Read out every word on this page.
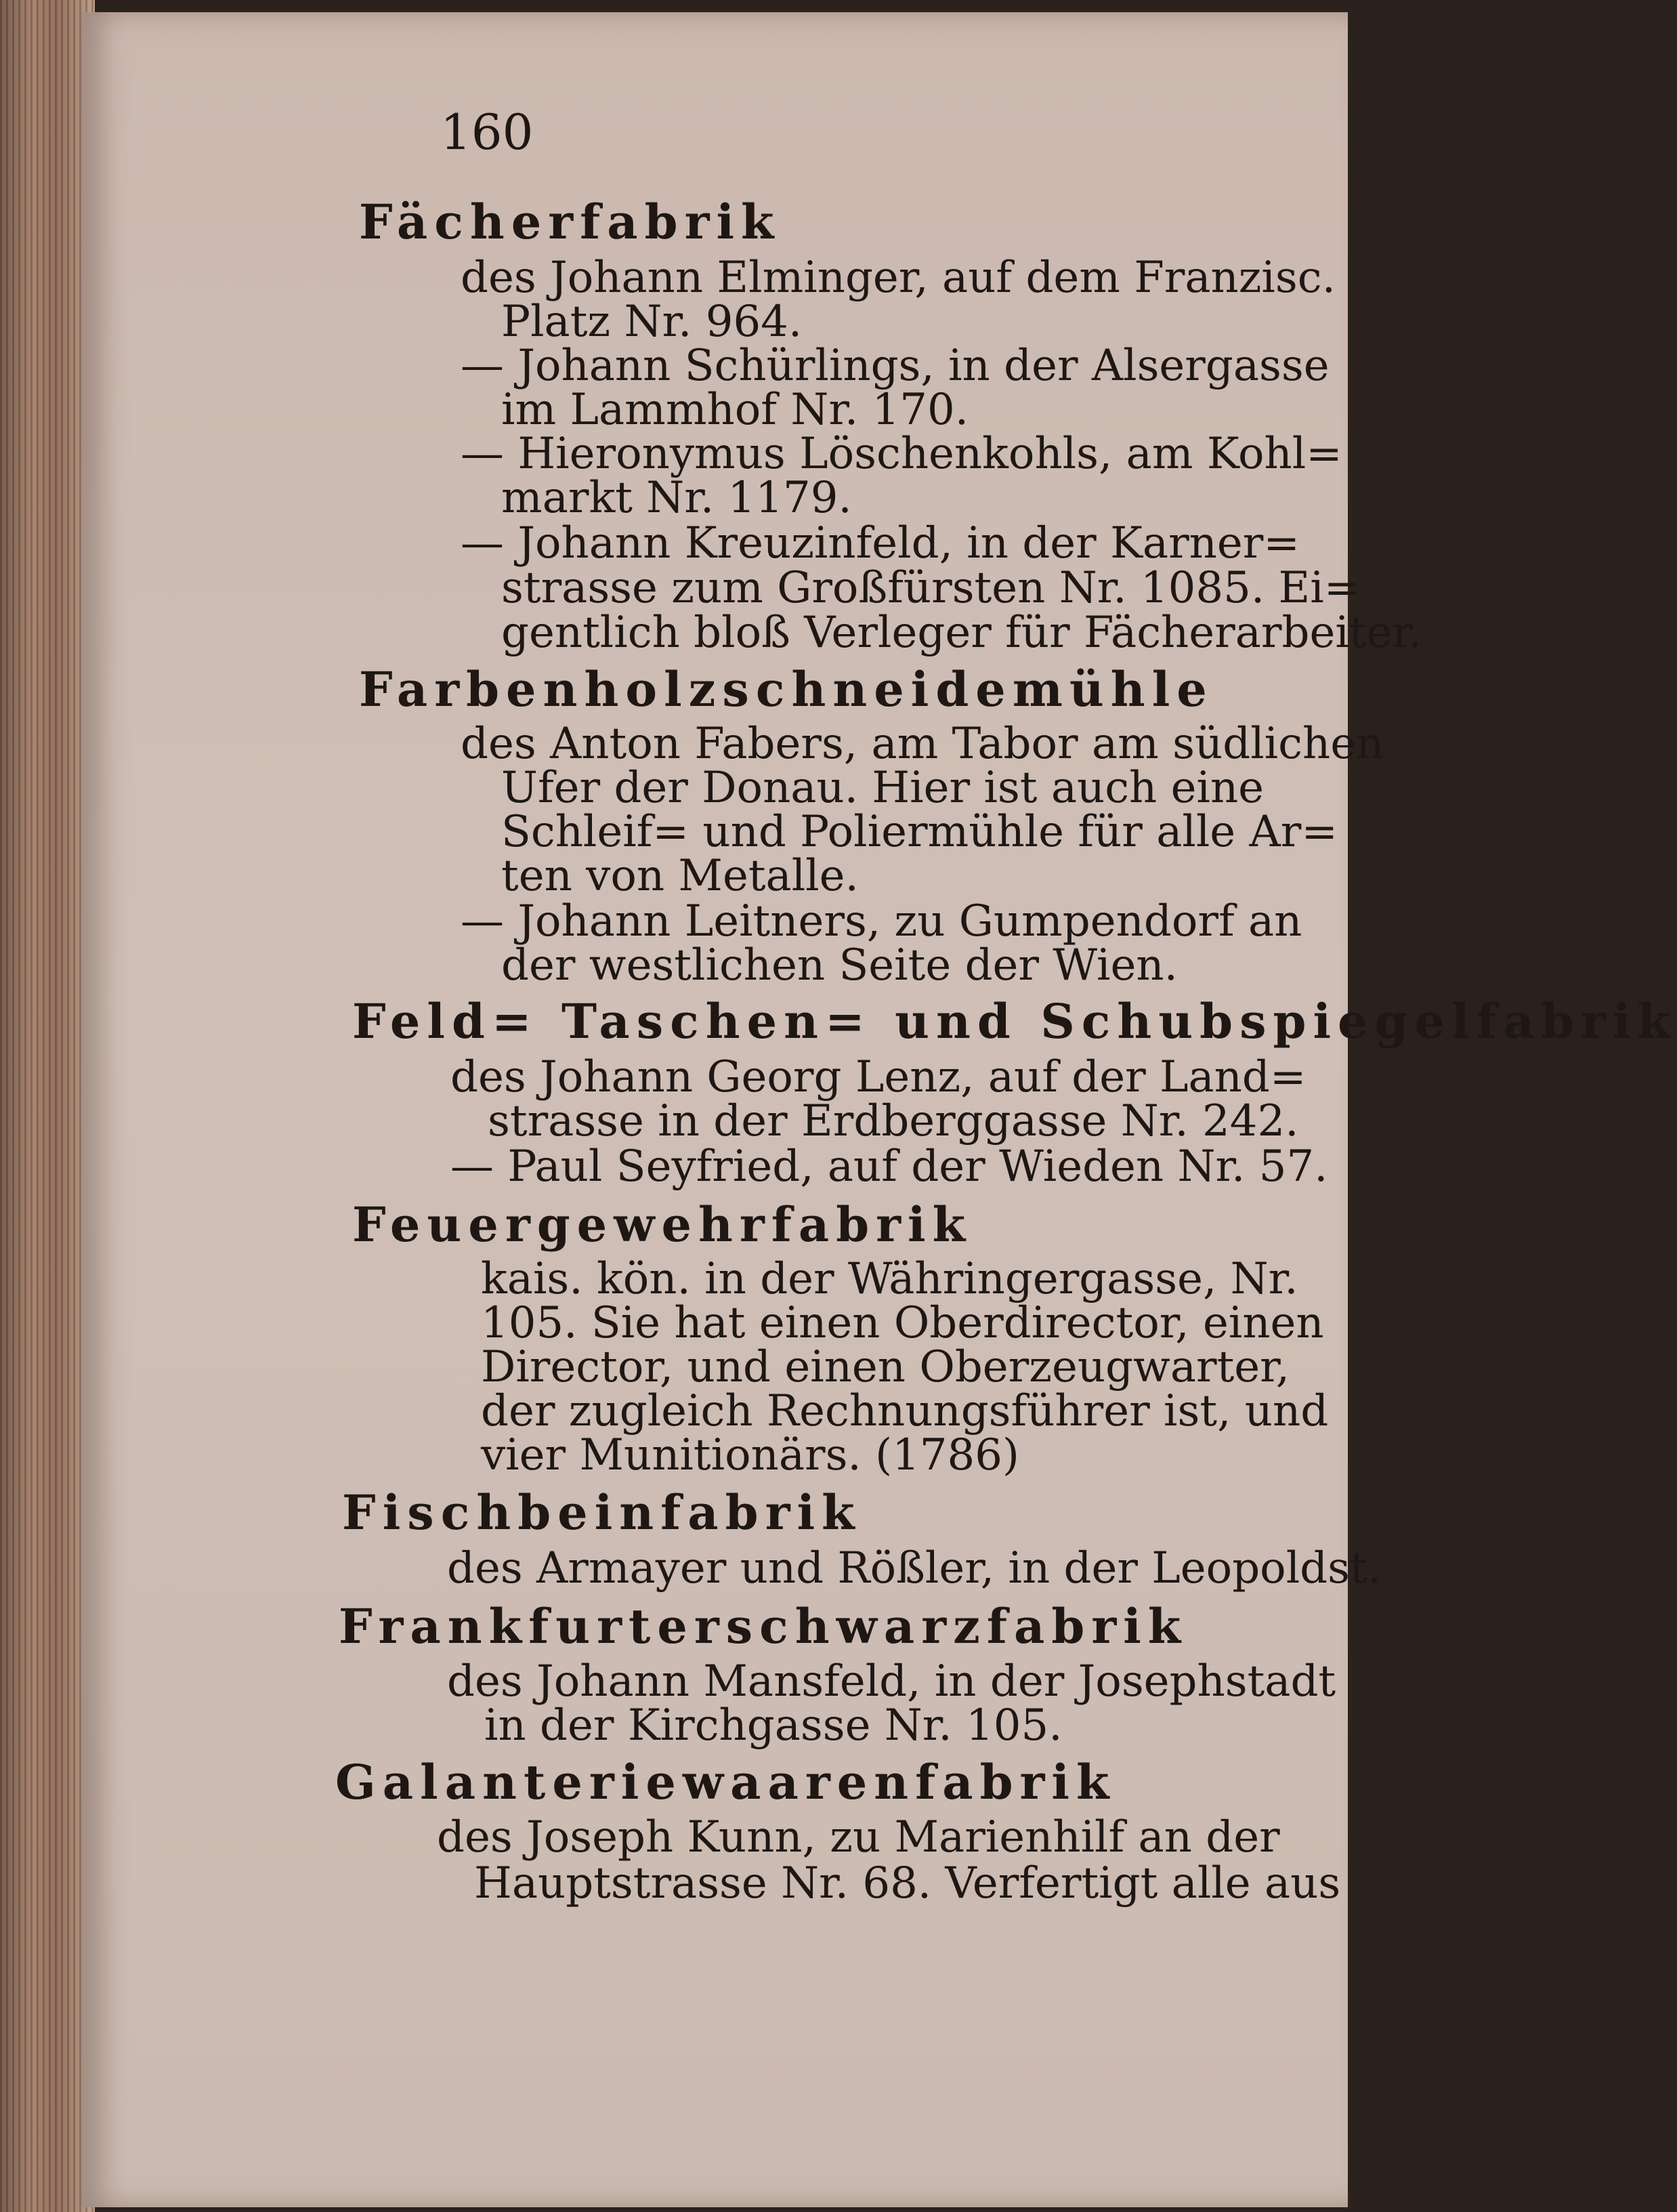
160
Fächerfabrik
des Johann Elminger, auf dem Franzisc.
Platz Nr. 964.
— Johann Schürlings, in der Alsergasse
im Lammhof Nr. 170.
— Hieronymus Löschenkohls, am Kohl=
markt Nr. 1179.
— Johann Kreuzinfeld, in der Karner=
strasse zum Großfürsten Nr. 1085. Ei=
gentlich bloß Verleger für Fächerarbeiter.
Farbenholzschneidemühle
des Anton Fabers, am Tabor am südlichen
Ufer der Donau. Hier ist auch eine
Schleif= und Poliermühle für alle Ar=
ten von Metalle.
— Johann Leitners, zu Gumpendorf an
der westlichen Seite der Wien.
Feld= Taschen= und Schubspiegelfabrik
des Johann Georg Lenz, auf der Land=
strasse in der Erdberggasse Nr. 242.
— Paul Seyfried, auf der Wieden Nr. 57.
Feuergewehrfabrik
kais. kön. in der Währingergasse, Nr.
105. Sie hat einen Oberdirector, einen
Director, und einen Oberzeugwarter,
der zugleich Rechnungsführer ist, und
vier Munitionärs. (1786)
Fischbeinfabrik
des Armayer und Rößler, in der Leopoldst.
Frankfurterschwarzfabrik
des Johann Mansfeld, in der Josephstadt
in der Kirchgasse Nr. 105.
Galanteriewaarenfabrik
des Joseph Kunn, zu Marienhilf an der
Hauptstrasse Nr. 68. Verfertigt alle aus
